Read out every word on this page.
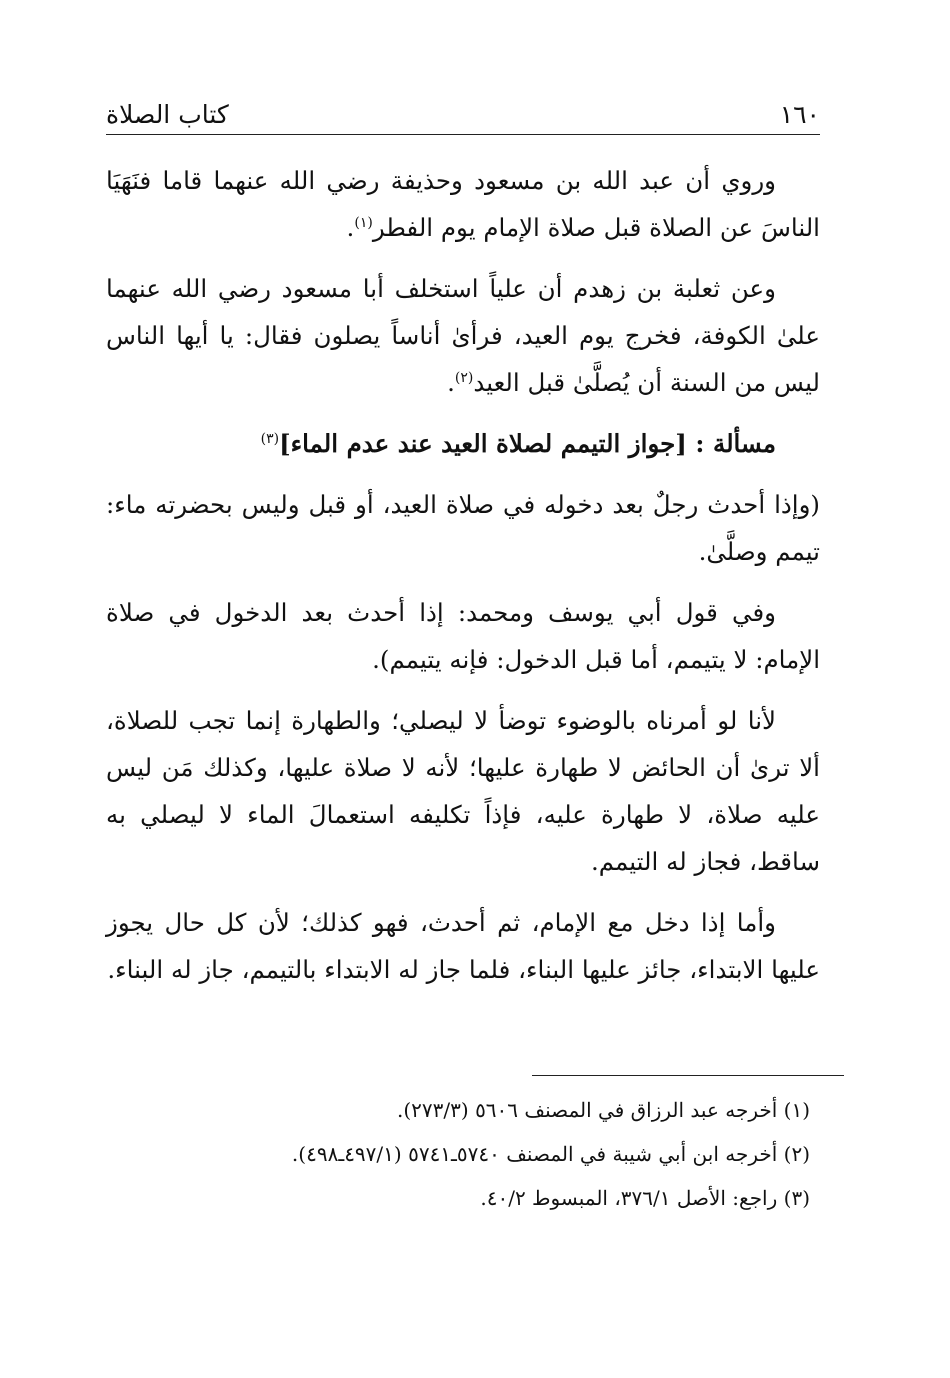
١٦٠
كتاب الصلاة

وروي أن عبد الله بن مسعود وحذيفة رضي الله عنهما قاما فنَهَيَا الناسَ عن الصلاة قبل صلاة الإمام يوم الفطر$^{(١)}$.

وعن ثعلبة بن زهدم أن علياً استخلف أبا مسعود رضي الله عنهما علىٰ الكوفة، فخرج يوم العيد، فرأىٰ أناساً يصلون فقال: يا أيها الناس ليس من السنة أن يُصلَّىٰ قبل العيد$^{(٢)}$.

مسألة : [جواز التيمم لصلاة العيد عند عدم الماء]$^{(٣)}$

(وإذا أحدث رجلٌ بعد دخوله في صلاة العيد، أو قبل وليس بحضرته ماء: تيمم وصلَّىٰ.

وفي قول أبي يوسف ومحمد: إذا أحدث بعد الدخول في صلاة الإمام: لا يتيمم، أما قبل الدخول: فإنه يتيمم).

لأنا لو أمرناه بالوضوء توضأ لا ليصلي؛ والطهارة إنما تجب للصلاة، ألا ترىٰ أن الحائض لا طهارة عليها؛ لأنه لا صلاة عليها، وكذلك مَن ليس عليه صلاة، لا طهارة عليه، فإذاً تكليفه استعمالَ الماء لا ليصلي به ساقط، فجاز له التيمم.

وأما إذا دخل مع الإمام، ثم أحدث، فهو كذلك؛ لأن كل حال يجوز عليها الابتداء، جائز عليها البناء، فلما جاز له الابتداء بالتيمم، جاز له البناء.

(١) أخرجه عبد الرزاق في المصنف ٥٦٠٦ (٢٧٣/٣).
(٢) أخرجه ابن أبي شيبة في المصنف ٥٧٤٠ـ٥٧٤١ (٤٩٧/١ـ٤٩٨).
(٣) راجع: الأصل ٣٧٦/١، المبسوط ٤٠/٢.
